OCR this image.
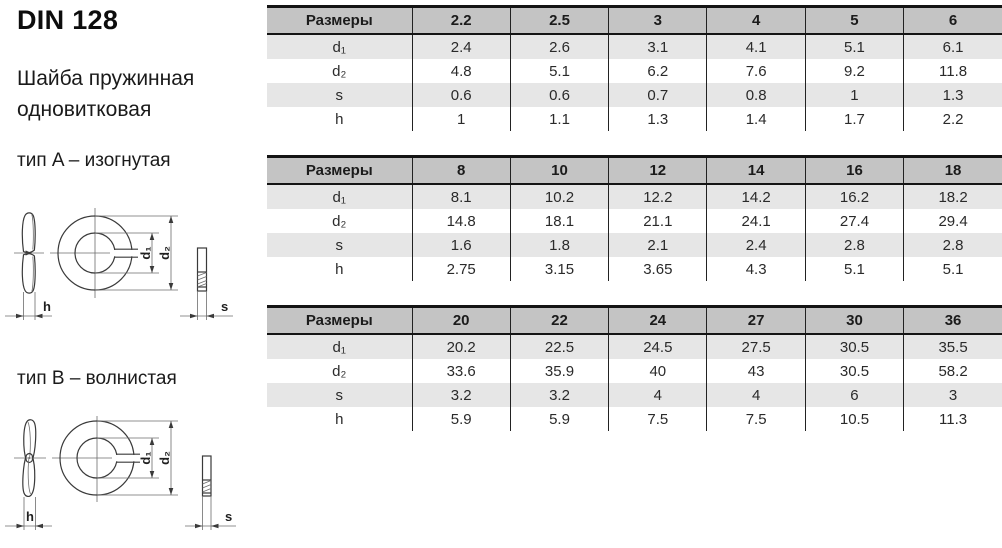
DIN 128
Шайба пружинная
одновитковая
тип A – изогнутая
тип B – волнистая
h
d₁ d₂
s
h
d₁ d₂
s
Размеры	2.2	2.5	3	4	5	6
d₁	2.4	2.6	3.1	4.1	5.1	6.1
d₂	4.8	5.1	6.2	7.6	9.2	11.8
s	0.6	0.6	0.7	0.8	1	1.3
h	1	1.1	1.3	1.4	1.7	2.2
Размеры	8	10	12	14	16	18
d₁	8.1	10.2	12.2	14.2	16.2	18.2
d₂	14.8	18.1	21.1	24.1	27.4	29.4
s	1.6	1.8	2.1	2.4	2.8	2.8
h	2.75	3.15	3.65	4.3	5.1	5.1
Размеры	20	22	24	27	30	36
d₁	20.2	22.5	24.5	27.5	30.5	35.5
d₂	33.6	35.9	40	43	30.5	58.2
s	3.2	3.2	4	4	6	3
h	5.9	5.9	7.5	7.5	10.5	11.3
